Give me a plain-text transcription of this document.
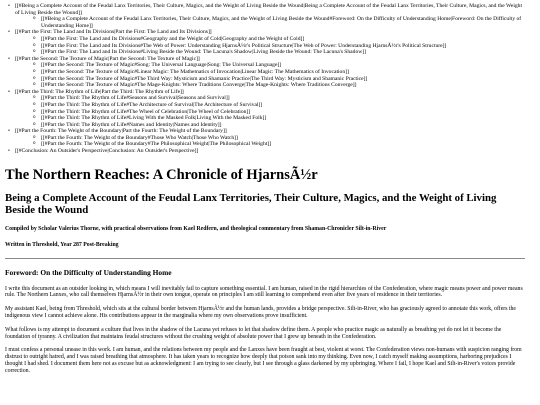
• [[#Being a Complete Account of the Feudal Lanx Territories, Their Culture, Magics, and the Weight of Living Beside the Wound|Being a Complete Account of the Feudal Lanx Territories, Their Culture, Magics, and the Weight of Living Beside the Wound]]
o [[#Being a Complete Account of the Feudal Lanx Territories, Their Culture, Magics, and the Weight of Living Beside the Wound#Foreword: On the Difficulty of Understanding Home|Foreword: On the Difficulty of Understanding Home]]
• [[#Part the First: The Land and Its Divisions|Part the First: The Land and Its Divisions]]
o [[#Part the First: The Land and Its Divisions#Geography and the Weight of Cold|Geography and the Weight of Cold]]
o [[#Part the First: The Land and Its Divisions#The Web of Power: Understanding HjarnsÃ½r's Political Structure|The Web of Power: Understanding HjarnsÃ½r's Political Structure]]
o [[#Part the First: The Land and Its Divisions#Living Beside the Wound: The Lacuna's Shadow|Living Beside the Wound: The Lacuna's Shadow]]
• [[#Part the Second: The Texture of Magic|Part the Second: The Texture of Magic]]
o [[#Part the Second: The Texture of Magic#Song: The Universal Language|Song: The Universal Language]]
o [[#Part the Second: The Texture of Magic#Linear Magic: The Mathematics of Invocation|Linear Magic: The Mathematics of Invocation]]
o [[#Part the Second: The Texture of Magic#The Third Way: Mysticism and Shamanic Practice|The Third Way: Mysticism and Shamanic Practice]]
o [[#Part the Second: The Texture of Magic#The Mage-Knights: Where Traditions Converge|The Mage-Knights: Where Traditions Converge]]
• [[#Part the Third: The Rhythm of Life|Part the Third: The Rhythm of Life]]
o [[#Part the Third: The Rhythm of Life#Seasons and Survival|Seasons and Survival]]
o [[#Part the Third: The Rhythm of Life#The Architecture of Survival|The Architecture of Survival]]
o [[#Part the Third: The Rhythm of Life#The Wheel of Celebration|The Wheel of Celebration]]
o [[#Part the Third: The Rhythm of Life#Living With the Masked Folk|Living With the Masked Folk]]
o [[#Part the Third: The Rhythm of Life#Names and Identity|Names and Identity]]
• [[#Part the Fourth: The Weight of the Boundary|Part the Fourth: The Weight of the Boundary]]
o [[#Part the Fourth: The Weight of the Boundary#Those Who Watch|Those Who Watch]]
o [[#Part the Fourth: The Weight of the Boundary#The Philosophical Weight|The Philosophical Weight]]
• [[#Conclusion: An Outsider's Perspective|Conclusion: An Outsider's Perspective]]
The Northern Reaches: A Chronicle of HjarnsÃ½r
Being a Complete Account of the Feudal Lanx Territories, Their Culture, Magics, and the Weight of Living Beside the Wound
Compiled by Scholar Valerius Thorne, with practical observations from Kael Redfern, and theological commentary from Shaman-Chronicler Silt-in-River
Written in Threshold, Year 287 Post-Breaking
Foreword: On the Difficulty of Understanding Home

I write this document as an outsider looking in, which means I will inevitably fail to capture something essential. I am human, raised in the rigid hierarchies of the Confederation, where magic means power and power means rule. The Northern Lanxes, who call themselves HjarnsÃ½r in their own tongue, operate on principles I am still learning to comprehend even after five years of residence in their territories.

My assistant Kael, being from Threshold, which sits at the cultural border between HjarnsÃ½r and the human lands, provides a bridge perspective. Silt-in-River, who has graciously agreed to annotate this work, offers the indigenous view I cannot achieve alone. His contributions appear in the marginalia where my own observations prove insufficient.

What follows is my attempt to document a culture that lives in the shadow of the Lacuna yet refuses to let that shadow define them. A people who practice magic as naturally as breathing yet do not let it become the foundation of tyranny. A civilization that maintains feudal structures without the crushing weight of absolute power that I grew up beneath in the Confederation.

I must confess a personal unease in this work. I am human, and the relations between my people and the Lanxes have been fraught at best, violent at worst. The Confederation views non-humans with suspicion ranging from distrust to outright hatred, and I was raised breathing that atmosphere. It has taken years to recognize how deeply that poison sank into my thinking. Even now, I catch myself making assumptions, harboring prejudices I thought I had shed. I document them here not as excuse but as acknowledgment: I am trying to see clearly, but I see through a glass darkened by my upbringing. Where I fail, I hope Kael and Silt-in-River's voices provide correction.
